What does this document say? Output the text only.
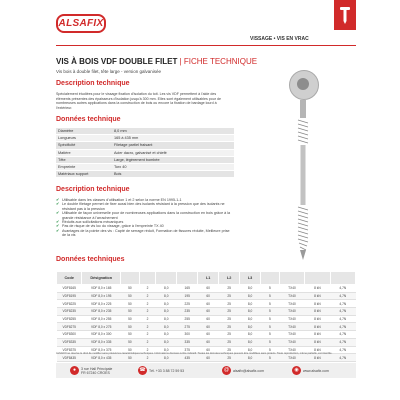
ALSAFIX
VISSAGE • VIS EN VRAC
VIS À BOIS VDF DOUBLE FILET | FICHE TECHNIQUE
Vis bois à double filet, tête large - version galvanisée
Description technique
Spécialement étudiées pour le vissage fixation d'isolation du toit. Les vis VDF permettent à l'aide des éléments présentes des épaisseurs d'isolation jusqu'à 300 mm. Elles sont également utilisables pour de nombreuses autres applications dans la construction de bois ou encore la fixation de bardage lourd à l'extérieur.
Données technique
Diamètre	8,0 mm
Longueurs	165 à 435 mm
Spécificité	Filetage partiel fraisant
Matière	Acier dacro, galvanisé et chiefé
Tête	Large, légèrement bombée
Empreinte	Torx 40
Matériaux support	Bois
Description technique
✔ Utilisable dans les classes d'utilisation 1 et 2 selon la norme EN 1995-1-1
✔ Le double filetage permet de fixer aussi bien des isolants résistant à la pression que des isolants ne résistant pas à la pression
✔ Utilisable de façon universelle pour de nombreuses applications dans la construction en bois grâce à la grande résistance à l'arrachement
✔ Réduits aux sollicitations mécaniques
✔ Pas de risque de vis loc du vissage, grâce à l'empreinte TX 40
✔ Avantages de la pointe des vis : Capté de serrage réduit, Formation de fissures réduite, Meilleure prise de la vis
Données techniques
Code	Désignation					L1	L2	L3				
VDF8165	VDF 8,0 x 165	50	2	8,0	165	60	25	8,0	5	TX40	8 kN	4,7N
VDF8195	VDF 8,0 x 195	50	2	8,0	195	60	25	8,0	5	TX40	8 kN	4,7N
VDF8225	VDF 8,0 x 225	50	2	8,0	225	60	25	8,0	5	TX40	8 kN	4,7N
VDF8235	VDF 8,0 x 235	50	2	8,0	235	60	25	8,0	5	TX40	8 kN	4,7N
VDF8255	VDF 8,0 x 255	50	2	8,0	255	60	25	8,0	5	TX40	8 kN	4,7N
VDF8275	VDF 8,0 x 275	50	2	8,0	275	60	25	8,0	5	TX40	8 kN	4,7N
VDF8300	VDF 8,0 x 300	50	2	8,0	300	60	25	8,0	5	TX40	8 kN	4,7N
VDF8335	VDF 8,0 x 335	50	2	8,0	335	60	25	8,0	5	TX40	8 kN	4,7N
VDF8375	VDF 8,0 x 375	50	2	8,0	375	60	25	8,0	5	TX40	8 kN	4,7N
VDF8435	VDF 8,0 x 435	50	2	8,0	435	60	25	8,0	5	TX40	8 kN	4,7N
ALSAFIX se réserve le droit de modifier sans préavis les caractéristiques techniques. Informations données à titre indicatif. Toutes les données techniques peuvent être modifiées sans préavis. Toute reproduction, même partielle, est interdite.
●	3 rue Hall Principale
FR 67240 CROES	☎ Tél. +33 3 88 72 59 53	@	alsafix@alsafix.com	◉	www.alsafix.com
